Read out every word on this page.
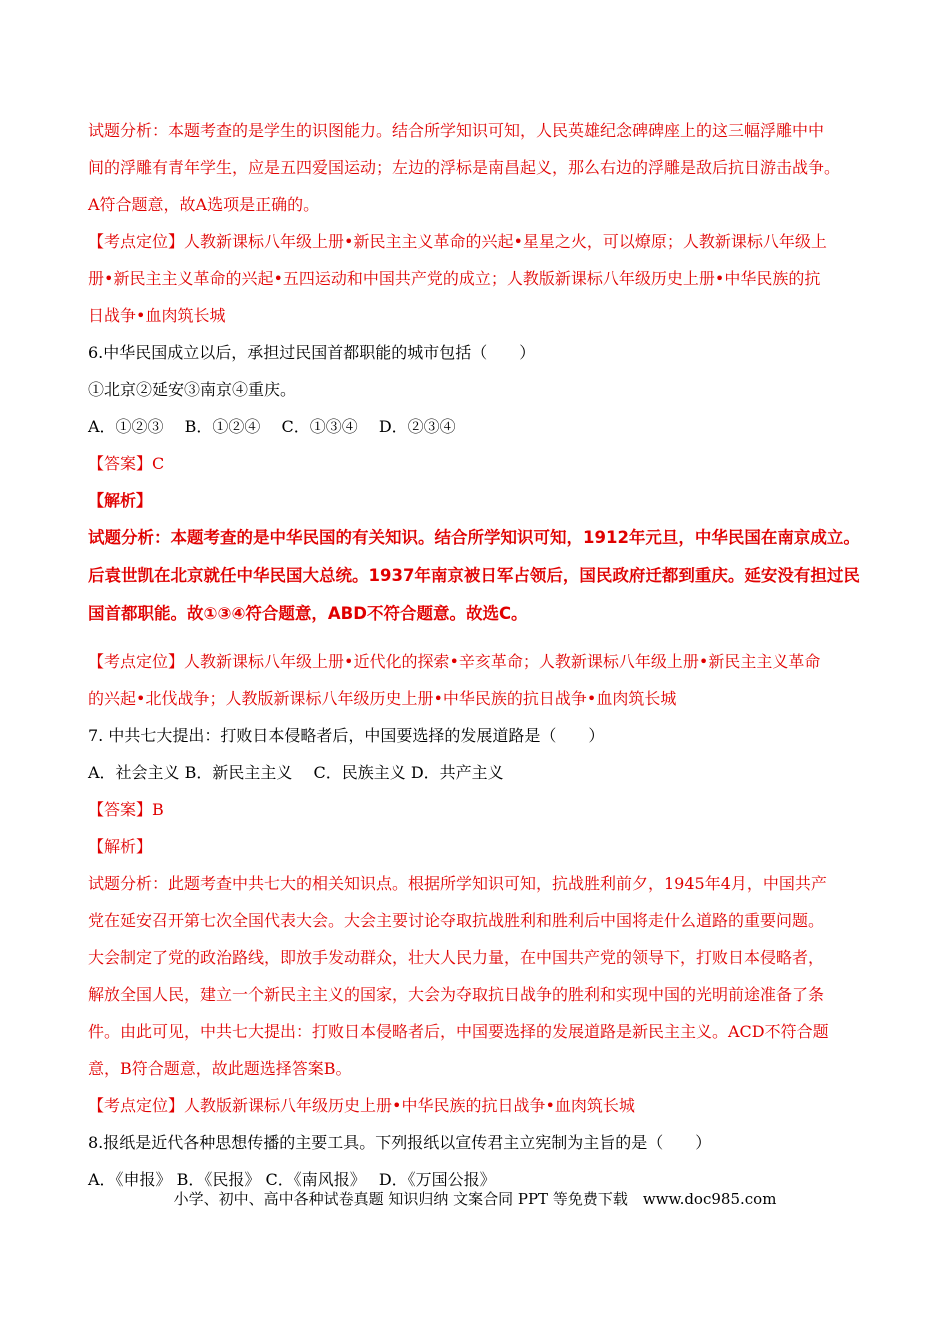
试题分析：本题考查的是学生的识图能力。结合所学知识可知，人民英雄纪念碑碑座上的这三幅浮雕中中
间的浮雕有青年学生，应是五四爱国运动；左边的浮标是南昌起义，那么右边的浮雕是敌后抗日游击战争。
A符合题意，故A选项是正确的。
【考点定位】人教新课标八年级上册•新民主主义革命的兴起•星星之火，可以燎原；人教新课标八年级上
册•新民主主义革命的兴起•五四运动和中国共产党的成立；人教版新课标八年级历史上册•中华民族的抗
日战争•血肉筑长城
6.中华民国成立以后，承担过民国首都职能的城市包括（　　）
①北京②延安③南京④重庆。
A．①②③　 B．①②④　 C．①③④　 D．②③④
【答案】C
【解析】
试题分析：本题考查的是中华民国的有关知识。结合所学知识可知，1912年元旦，中华民国在南京成立。
后袁世凯在北京就任中华民国大总统。1937年南京被日军占领后，国民政府迁都到重庆。延安没有担过民
国首都职能。故①③④符合题意，ABD不符合题意。故选C。
【考点定位】人教新课标八年级上册•近代化的探索•辛亥革命；人教新课标八年级上册•新民主主义革命
的兴起•北伐战争；人教版新课标八年级历史上册•中华民族的抗日战争•血肉筑长城
7. 中共七大提出：打败日本侵略者后，中国要选择的发展道路是（　　）
A．社会主义 B．新民主主义　 C．民族主义 D．共产主义
【答案】B
【解析】
试题分析：此题考查中共七大的相关知识点。根据所学知识可知，抗战胜利前夕，1945年4月，中国共产
党在延安召开第七次全国代表大会。大会主要讨论夺取抗战胜利和胜利后中国将走什么道路的重要问题。
大会制定了党的政治路线，即放手发动群众，壮大人民力量，在中国共产党的领导下，打败日本侵略者，
解放全国人民，建立一个新民主主义的国家，大会为夺取抗日战争的胜利和实现中国的光明前途准备了条
件。由此可见，中共七大提出：打败日本侵略者后，中国要选择的发展道路是新民主主义。ACD不符合题
意，B符合题意，故此题选择答案B。
【考点定位】人教版新课标八年级历史上册•中华民族的抗日战争•血肉筑长城
8.报纸是近代各种思想传播的主要工具。下列报纸以宣传君主立宪制为主旨的是（　　）
A．《申报》 B．《民报》 C．《南风报》　 D．《万国公报》
小学、初中、高中各种试卷真题 知识归纳 文案合同 PPT 等免费下载　www.doc985.com
